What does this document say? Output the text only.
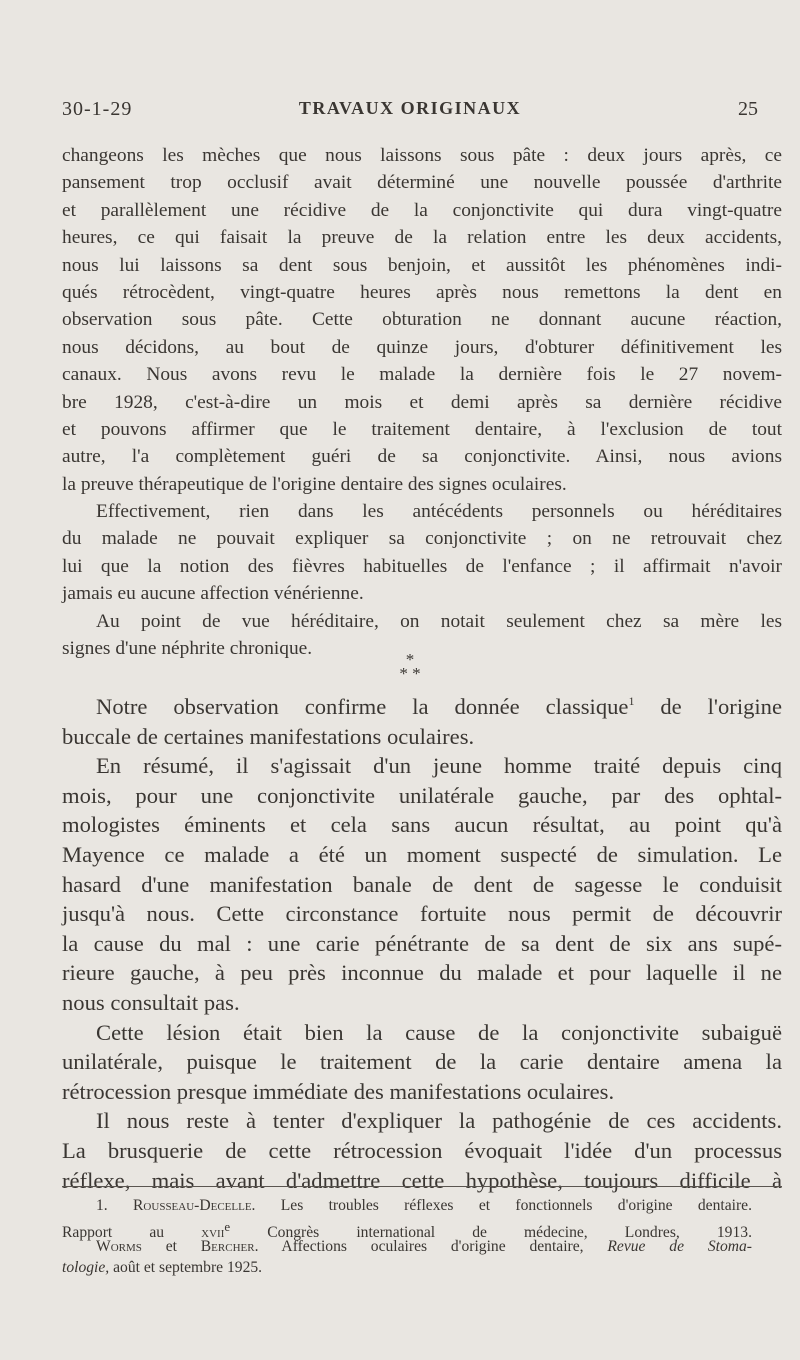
30-1-29	TRAVAUX ORIGINAUX	25
changeons les mèches que nous laissons sous pâte : deux jours après, ce
pansement trop occlusif avait déterminé une nouvelle poussée d'arthrite
et parallèlement une récidive de la conjonctivite qui dura vingt-quatre
heures, ce qui faisait la preuve de la relation entre les deux accidents,
nous lui laissons sa dent sous benjoin, et aussitôt les phénomènes indi-
qués rétrocèdent, vingt-quatre heures après nous remettons la dent en
observation sous pâte. Cette obturation ne donnant aucune réaction,
nous décidons, au bout de quinze jours, d'obturer définitivement les
canaux. Nous avons revu le malade la dernière fois le 27 novem-
bre 1928, c'est-à-dire un mois et demi après sa dernière récidive
et pouvons affirmer que le traitement dentaire, à l'exclusion de tout
autre, l'a complètement guéri de sa conjonctivite. Ainsi, nous avions
la preuve thérapeutique de l'origine dentaire des signes oculaires.
Effectivement, rien dans les antécédents personnels ou héréditaires
du malade ne pouvait expliquer sa conjonctivite ; on ne retrouvait chez
lui que la notion des fièvres habituelles de l'enfance ; il affirmait n'avoir
jamais eu aucune affection vénérienne.
Au point de vue héréditaire, on notait seulement chez sa mère les
signes d'une néphrite chronique.
*
* *
Notre observation confirme la donnée classique$^1$ de l'origine
buccale de certaines manifestations oculaires.
En résumé, il s'agissait d'un jeune homme traité depuis cinq
mois, pour une conjonctivite unilatérale gauche, par des ophtal-
mologistes éminents et cela sans aucun résultat, au point qu'à
Mayence ce malade a été un moment suspecté de simulation. Le
hasard d'une manifestation banale de dent de sagesse le conduisit
jusqu'à nous. Cette circonstance fortuite nous permit de découvrir
la cause du mal : une carie pénétrante de sa dent de six ans supé-
rieure gauche, à peu près inconnue du malade et pour laquelle il ne
nous consultait pas.
Cette lésion était bien la cause de la conjonctivite subaiguë
unilatérale, puisque le traitement de la carie dentaire amena la
rétrocession presque immédiate des manifestations oculaires.
Il nous reste à tenter d'expliquer la pathogénie de ces accidents.
La brusquerie de cette rétrocession évoquait l'idée d'un processus
réflexe, mais avant d'admettre cette hypothèse, toujours difficile à
1. Rousseau-Decelle. Les troubles réflexes et fonctionnels d'origine dentaire.
Rapport au xvii$^e$ Congrès international de médecine, Londres, 1913.
Worms et Bercher. Affections oculaires d'origine dentaire, Revue de Stoma-
tologie, août et septembre 1925.
